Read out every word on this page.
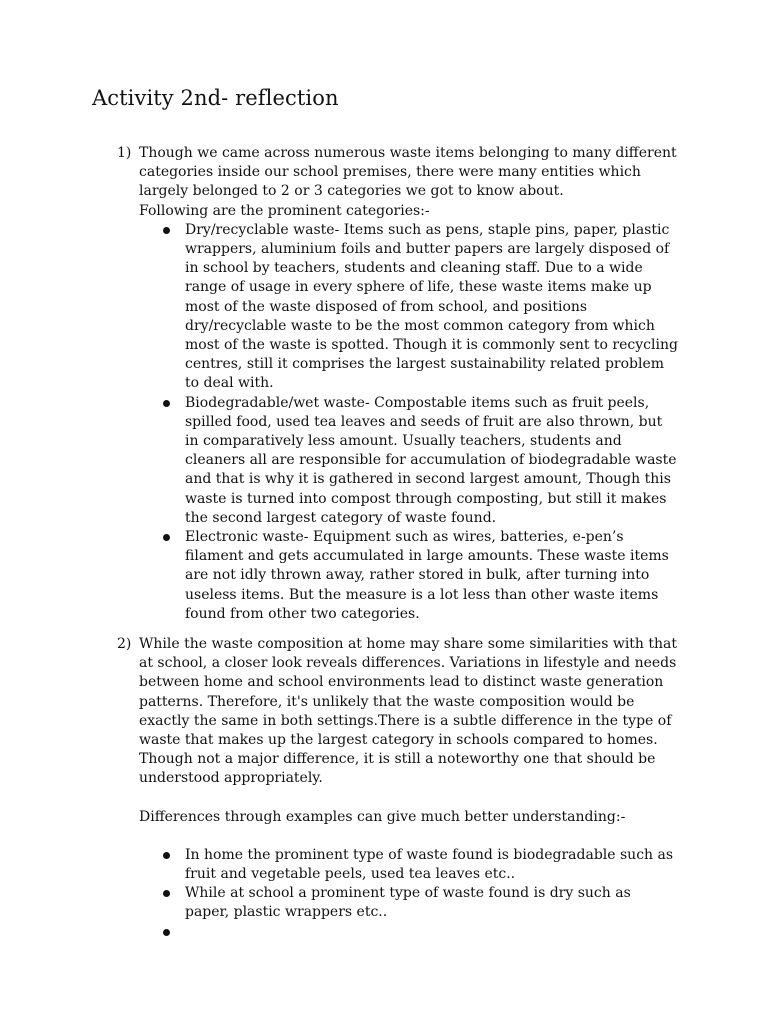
Activity 2nd- reflection
1) Though we came across numerous waste items belonging to many different categories inside our school premises, there were many entities which largely belonged to 2 or 3 categories we got to know about.

Following are the prominent categories:-

Dry/recyclable waste- Items such as pens, staple pins, paper, plastic wrappers, aluminium foils and butter papers are largely disposed of in school by teachers, students and cleaning staff. Due to a wide range of usage in every sphere of life, these waste items make up most of the waste disposed of from school, and positions dry/recyclable waste to be the most common category from which most of the waste is spotted. Though it is commonly sent to recycling centres, still it comprises the largest sustainability related problem to deal with.
Biodegradable/wet waste- Compostable items such as fruit peels, spilled food, used tea leaves and seeds of fruit are also thrown, but in comparatively less amount. Usually teachers, students and cleaners all are responsible for accumulation of biodegradable waste and that is why it is gathered in second largest amount, Though this waste is turned into compost through composting, but still it makes the second largest category of waste found.
Electronic waste- Equipment such as wires, batteries, e-pen’s filament and gets accumulated in large amounts. These waste items are not idly thrown away, rather stored in bulk, after turning into useless items. But the measure is a lot less than other waste items found from other two categories.
2) While the waste composition at home may share some similarities with that at school, a closer look reveals differences. Variations in lifestyle and needs between home and school environments lead to distinct waste generation patterns. Therefore, it's unlikely that the waste composition would be exactly the same in both settings.There is a subtle difference in the type of waste that makes up the largest category in schools compared to homes. Though not a major difference, it is still a noteworthy one that should be understood appropriately.

Differences through examples can give much better understanding:-

In home the prominent type of waste found is biodegradable such as fruit and vegetable peels, used tea leaves etc..
While at school a prominent type of waste found is dry such as paper, plastic wrappers etc..
